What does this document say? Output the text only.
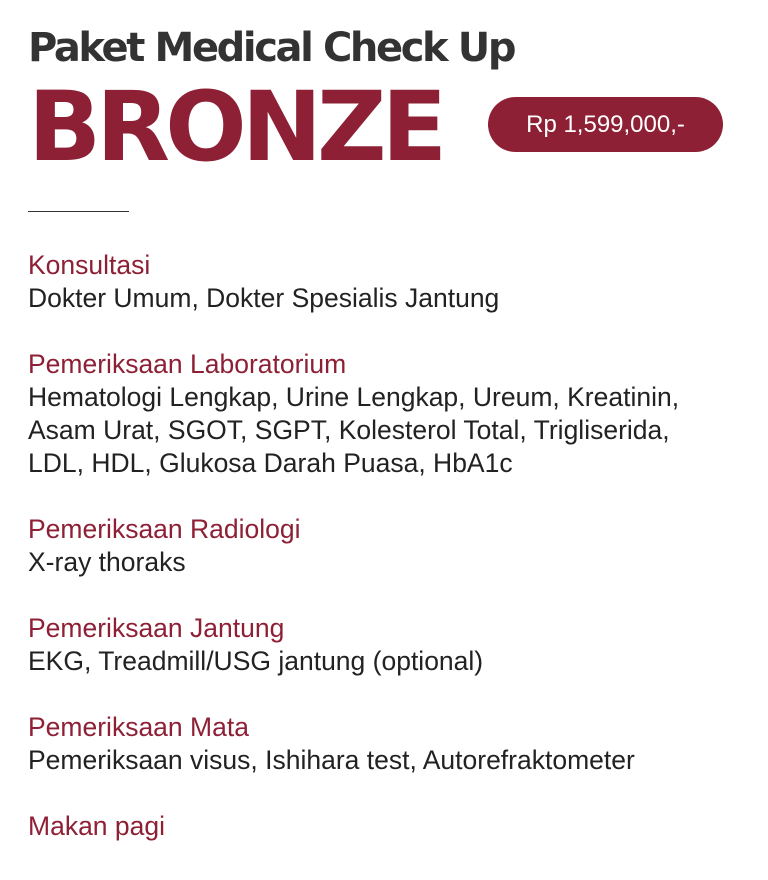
Paket Medical Check Up
BRONZE	Rp 1,599,000,-

Konsultasi

Dokter Umum, Dokter Spesialis Jantung

Pemeriksaan Laboratorium

Hematologi Lengkap, Urine Lengkap, Ureum, Kreatinin,
Asam Urat, SGOT, SGPT, Kolesterol Total, Trigliserida,
LDL, HDL, Glukosa Darah Puasa, HbA1c

Pemeriksaan Radiologi

X-ray thoraks

Pemeriksaan Jantung

EKG, Treadmill/USG jantung (optional)

Pemeriksaan Mata

Pemeriksaan visus, Ishihara test, Autorefraktometer

Makan pagi
